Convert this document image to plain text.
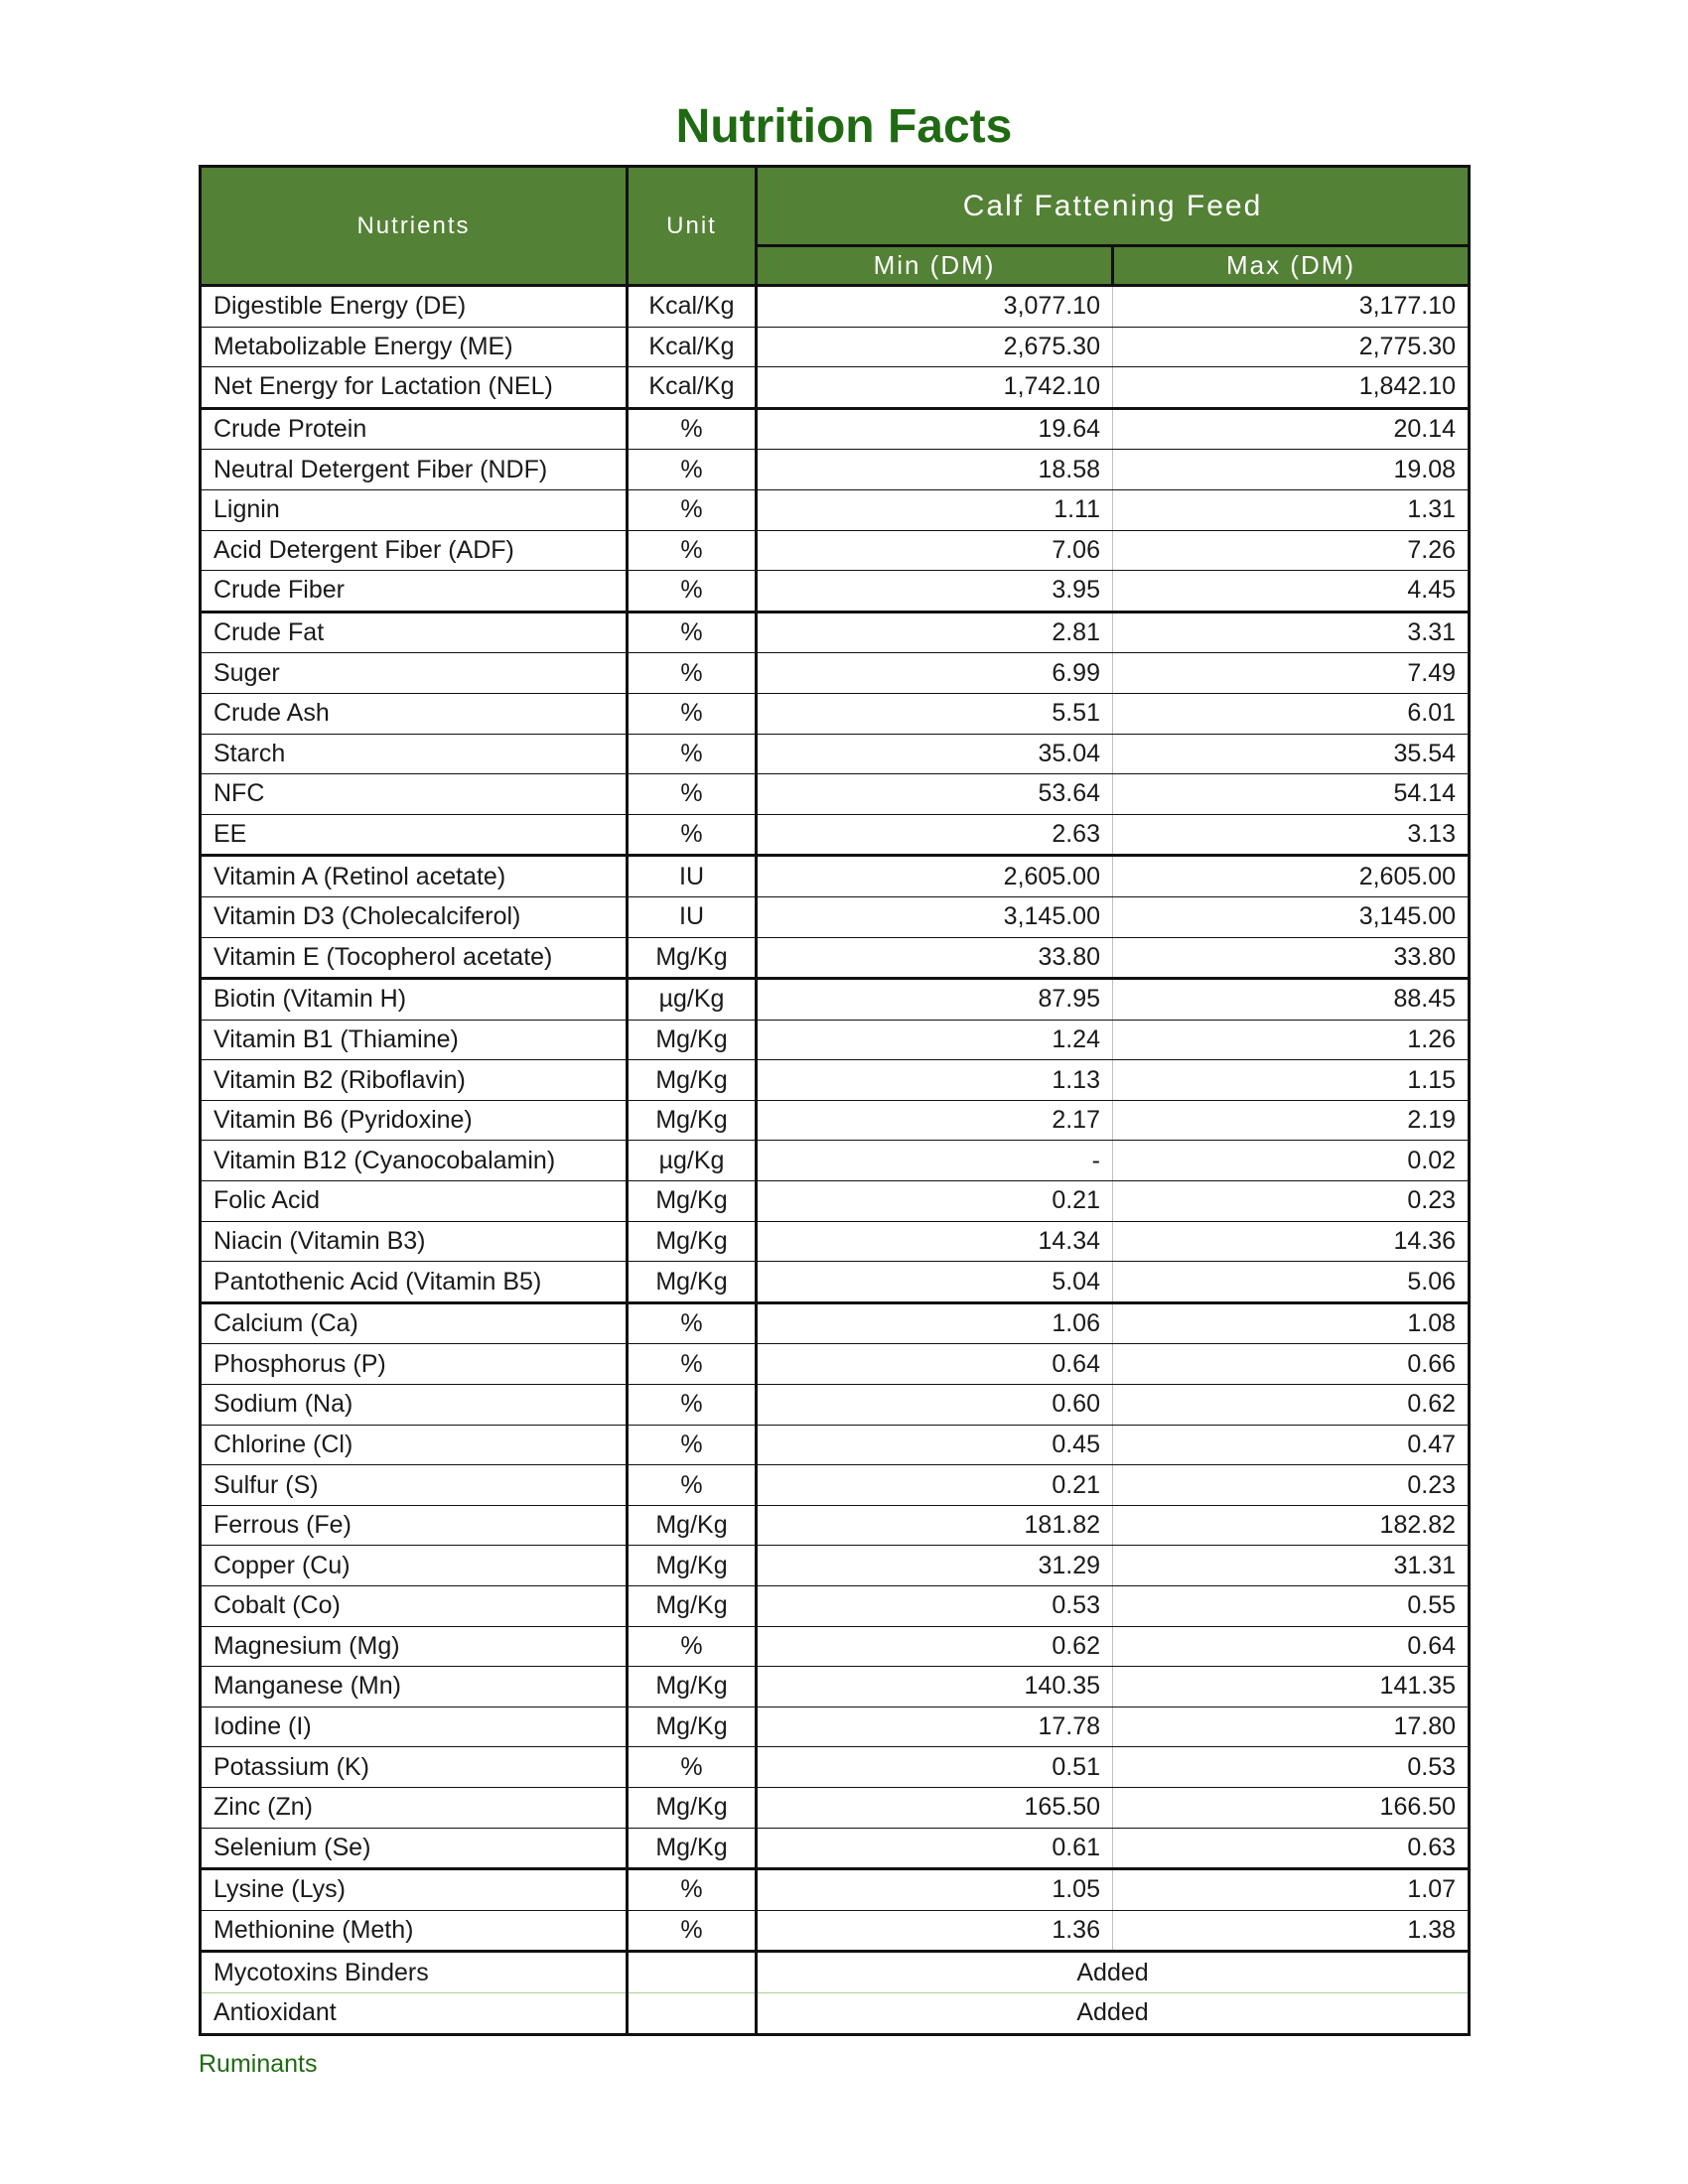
Nutrition Facts
Nutrients	Unit	Calf Fattening Feed	
		Min (DM)	Max (DM)
Digestible Energy (DE)	Kcal/Kg	3,077.10	3,177.10
Metabolizable Energy (ME)	Kcal/Kg	2,675.30	2,775.30
Net Energy for Lactation (NEL)	Kcal/Kg	1,742.10	1,842.10
Crude Protein	%	19.64	20.14
Neutral Detergent Fiber (NDF)	%	18.58	19.08
Lignin	%	1.11	1.31
Acid Detergent Fiber (ADF)	%	7.06	7.26
Crude Fiber	%	3.95	4.45
Crude Fat	%	2.81	3.31
Suger	%	6.99	7.49
Crude Ash	%	5.51	6.01
Starch	%	35.04	35.54
NFC	%	53.64	54.14
EE	%	2.63	3.13
Vitamin A (Retinol acetate)	IU	2,605.00	2,605.00
Vitamin D3 (Cholecalciferol)	IU	3,145.00	3,145.00
Vitamin E (Tocopherol acetate)	Mg/Kg	33.80	33.80
Biotin (Vitamin H)	µg/Kg	87.95	88.45
Vitamin B1 (Thiamine)	Mg/Kg	1.24	1.26
Vitamin B2 (Riboflavin)	Mg/Kg	1.13	1.15
Vitamin B6 (Pyridoxine)	Mg/Kg	2.17	2.19
Vitamin B12 (Cyanocobalamin)	µg/Kg	-	0.02
Folic Acid	Mg/Kg	0.21	0.23
Niacin (Vitamin B3)	Mg/Kg	14.34	14.36
Pantothenic Acid (Vitamin B5)	Mg/Kg	5.04	5.06
Calcium (Ca)	%	1.06	1.08
Phosphorus (P)	%	0.64	0.66
Sodium (Na)	%	0.60	0.62
Chlorine (Cl)	%	0.45	0.47
Sulfur (S)	%	0.21	0.23
Ferrous (Fe)	Mg/Kg	181.82	182.82
Copper (Cu)	Mg/Kg	31.29	31.31
Cobalt (Co)	Mg/Kg	0.53	0.55
Magnesium (Mg)	%	0.62	0.64
Manganese (Mn)	Mg/Kg	140.35	141.35
Iodine (I)	Mg/Kg	17.78	17.80
Potassium (K)	%	0.51	0.53
Zinc (Zn)	Mg/Kg	165.50	166.50
Selenium (Se)	Mg/Kg	0.61	0.63
Lysine (Lys)	%	1.05	1.07
Methionine (Meth)	%	1.36	1.38
Mycotoxins Binders		Added	
Antioxidant		Added	

Ruminants
